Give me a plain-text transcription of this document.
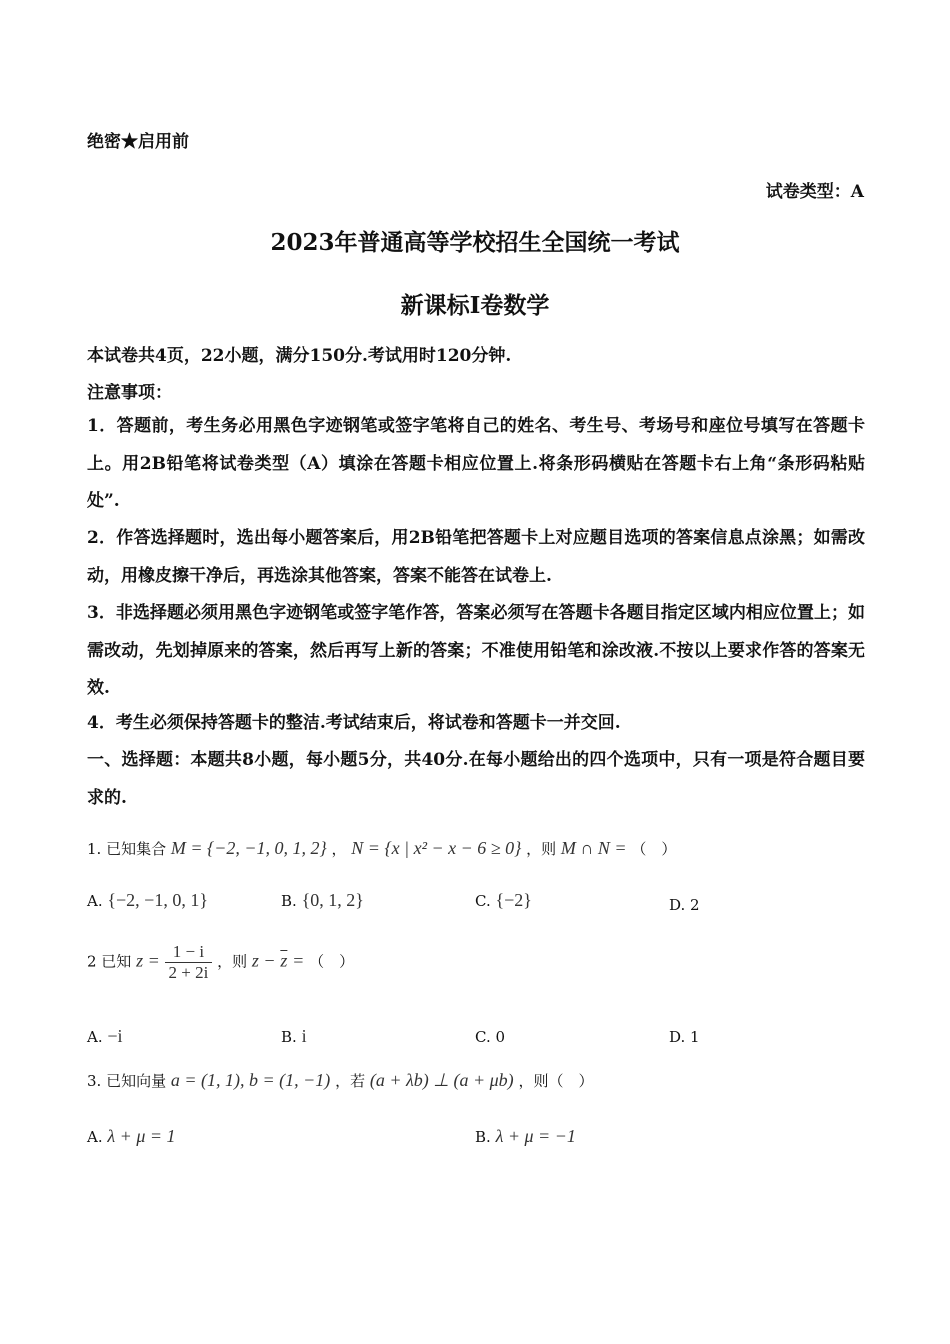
绝密★启用前
试卷类型：A
2023年普通高等学校招生全国统一考试
新课标Ⅰ卷数学
本试卷共4页，22小题，满分150分.考试用时120分钟.
注意事项：
1．答题前，考生务必用黑色字迹钢笔或签字笔将自己的姓名、考生号、考场号和座位号填写在答题卡上。用2B铅笔将试卷类型（A）填涂在答题卡相应位置上.将条形码横贴在答题卡右上角“条形码粘贴处”.
2．作答选择题时，选出每小题答案后，用2B铅笔把答题卡上对应题目选项的答案信息点涂黑；如需改动，用橡皮擦干净后，再选涂其他答案，答案不能答在试卷上.
3．非选择题必须用黑色字迹钢笔或签字笔作答，答案必须写在答题卡各题目指定区域内相应位置上；如需改动，先划掉原来的答案，然后再写上新的答案；不准使用铅笔和涂改液.不按以上要求作答的答案无效.
4．考生必须保持答题卡的整洁.考试结束后，将试卷和答题卡一并交回.
一、选择题：本题共8小题，每小题5分，共40分.在每小题给出的四个选项中，只有一项是符合题目要求的.
1. 已知集合 M = {−2, −1, 0, 1, 2} ， N = {x | x² − x − 6 ≥ 0} ，则 M ∩ N = （　）
A. {−2, −1, 0, 1}	B. {0, 1, 2}	C. {−2}	D. 2
2 已知 $z = \frac{1 - i}{2 + 2i}$ ，则 $z - \overline{z}$ = （　）
A. −i	B. i	C. 0	D. 1
3. 已知向量 a = (1, 1), b = (1, −1) ，若 (a + λb) ⊥ (a + μb) ，则（　）
A. λ + μ = 1	B. λ + μ = −1
